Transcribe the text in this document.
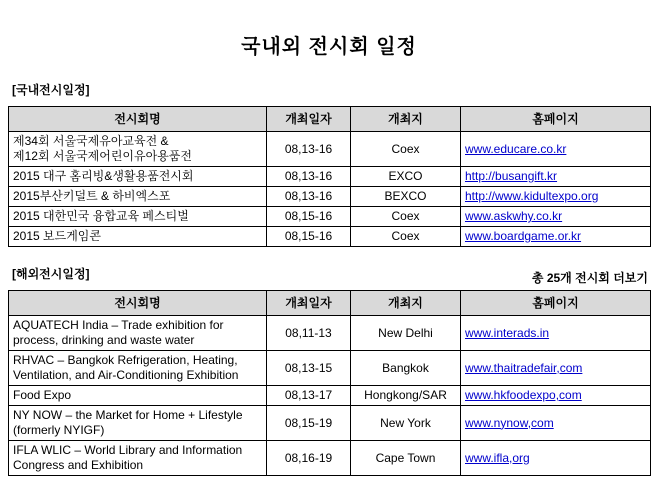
국내외 전시회 일정
[국내전시일정]
전시회명	개최일자	개최지	홈페이지

제34회 서울국제유아교육전 &
제12회 서울국제어린이유아용품전	08,13-16	Coex	www.educare.co.kr
2015 대구 홈리빙&생활용품전시회	08,13-16	EXCO	http://busangift.kr
2015부산키덜트 & 하비엑스포	08,13-16	BEXCO	http://www.kidultexpo.org
2015 대한민국 융합교육 페스티벌	08,15-16	Coex	www.askwhy.co.kr
2015 보드게임콘	08,15-16	Coex	www.boardgame.or.kr
[해외전시일정]	총 25개 전시회 더보기
전시회명	개최일자	개최지	홈페이지
AQUATECH India – Trade exhibition for process, drinking and waste water	08,11-13	New Delhi	www.interads.in
RHVAC – Bangkok Refrigeration, Heating, Ventilation, and Air-Conditioning Exhibition	08,13-15	Bangkok	www.thaitradefair,com
Food Expo	08,13-17	Hongkong/SAR	www.hkfoodexpo,com
NY NOW – the Market for Home + Lifestyle (formerly NYIGF)	08,15-19	New York	www.nynow,com
IFLA WLIC – World Library and Information Congress and Exhibition	08,16-19	Cape Town	www.ifla,org
